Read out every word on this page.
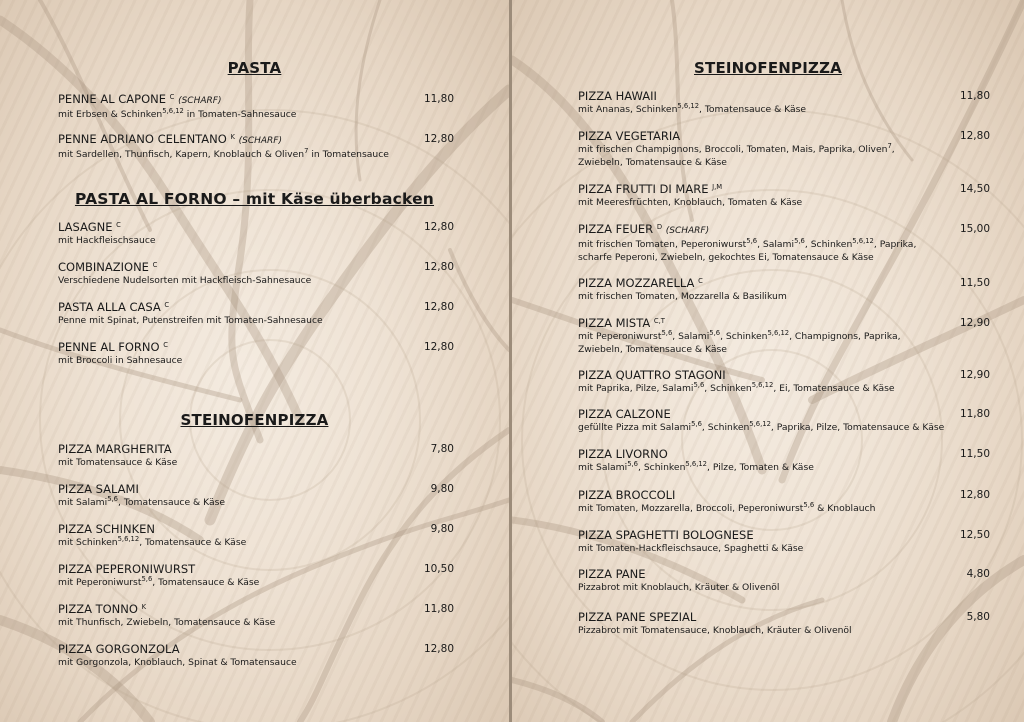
PASTA
PASTA AL FORNO – mit Käse überbacken
STEINOFENPIZZA
PENNE AL CAPONE $^C$ (SCHARF)
mit Erbsen & Schinken$^{5,6,12}$ in Tomaten-Sahnesauce
11,80
PENNE ADRIANO CELENTANO $^K$ (SCHARF)
mit Sardellen, Thunfisch, Kapern, Knoblauch & Oliven$^7$ in Tomatensauce
12,80
LASAGNE $^C$
mit Hackfleischsauce
12,80
COMBINAZIONE $^C$
Verschiedene Nudelsorten mit Hackfleisch-Sahnesauce
12,80
PASTA ALLA CASA $^C$
Penne mit Spinat, Putenstreifen mit Tomaten-Sahnesauce
12,80
PENNE AL FORNO $^C$
mit Broccoli in Sahnesauce
12,80
PIZZA MARGHERITA
mit Tomatensauce & Käse
7,80
PIZZA SALAMI
mit Salami$^{5,6}$, Tomatensauce & Käse
9,80
PIZZA SCHINKEN
mit Schinken$^{5,6,12}$, Tomatensauce & Käse
9,80
PIZZA PEPERONIWURST
mit Peperoniwurst$^{5,6}$, Tomatensauce & Käse
10,50
PIZZA TONNO $^K$
mit Thunfisch, Zwiebeln, Tomatensauce & Käse
11,80
PIZZA GORGONZOLA
mit Gorgonzola, Knoblauch, Spinat & Tomatensauce
12,80
STEINOFENPIZZA
PIZZA HAWAII
mit Ananas, Schinken$^{5,6,12}$, Tomatensauce & Käse
11,80
PIZZA VEGETARIA
mit frischen Champignons, Broccoli, Tomaten, Mais, Paprika, Oliven$^7$,
Zwiebeln, Tomatensauce & Käse
12,80
PIZZA FRUTTI DI MARE $^{J,M}$
mit Meeresfrüchten, Knoblauch, Tomaten & Käse
14,50
PIZZA FEUER $^D$ (SCHARF)
mit frischen Tomaten, Peperoniwurst$^{5,6}$, Salami$^{5,6}$, Schinken$^{5,6,12}$, Paprika,
scharfe Peperoni, Zwiebeln, gekochtes Ei, Tomatensauce & Käse
15,00
PIZZA MOZZARELLA $^C$
mit frischen Tomaten, Mozzarella & Basilikum
11,50
PIZZA MISTA $^{C,T}$
mit Peperoniwurst$^{5,6}$, Salami$^{5,6}$, Schinken$^{5,6,12}$, Champignons, Paprika,
Zwiebeln, Tomatensauce & Käse
12,90
PIZZA QUATTRO STAGONI
mit Paprika, Pilze, Salami$^{5,6}$, Schinken$^{5,6,12}$, Ei, Tomatensauce & Käse
12,90
PIZZA CALZONE
gefüllte Pizza mit Salami$^{5,6}$, Schinken$^{5,6,12}$, Paprika, Pilze, Tomatensauce & Käse
11,80
PIZZA LIVORNO
mit Salami$^{5,6}$, Schinken$^{5,6,12}$, Pilze, Tomaten & Käse
11,50
PIZZA BROCCOLI
mit Tomaten, Mozzarella, Broccoli, Peperoniwurst$^{5,6}$ & Knoblauch
12,80
PIZZA SPAGHETTI BOLOGNESE
mit Tomaten-Hackfleischsauce, Spaghetti & Käse
12,50
PIZZA PANE
Pizzabrot mit Knoblauch, Kräuter & Olivenöl
4,80
PIZZA PANE SPEZIAL
Pizzabrot mit Tomatensauce, Knoblauch, Kräuter & Olivenöl
5,80
